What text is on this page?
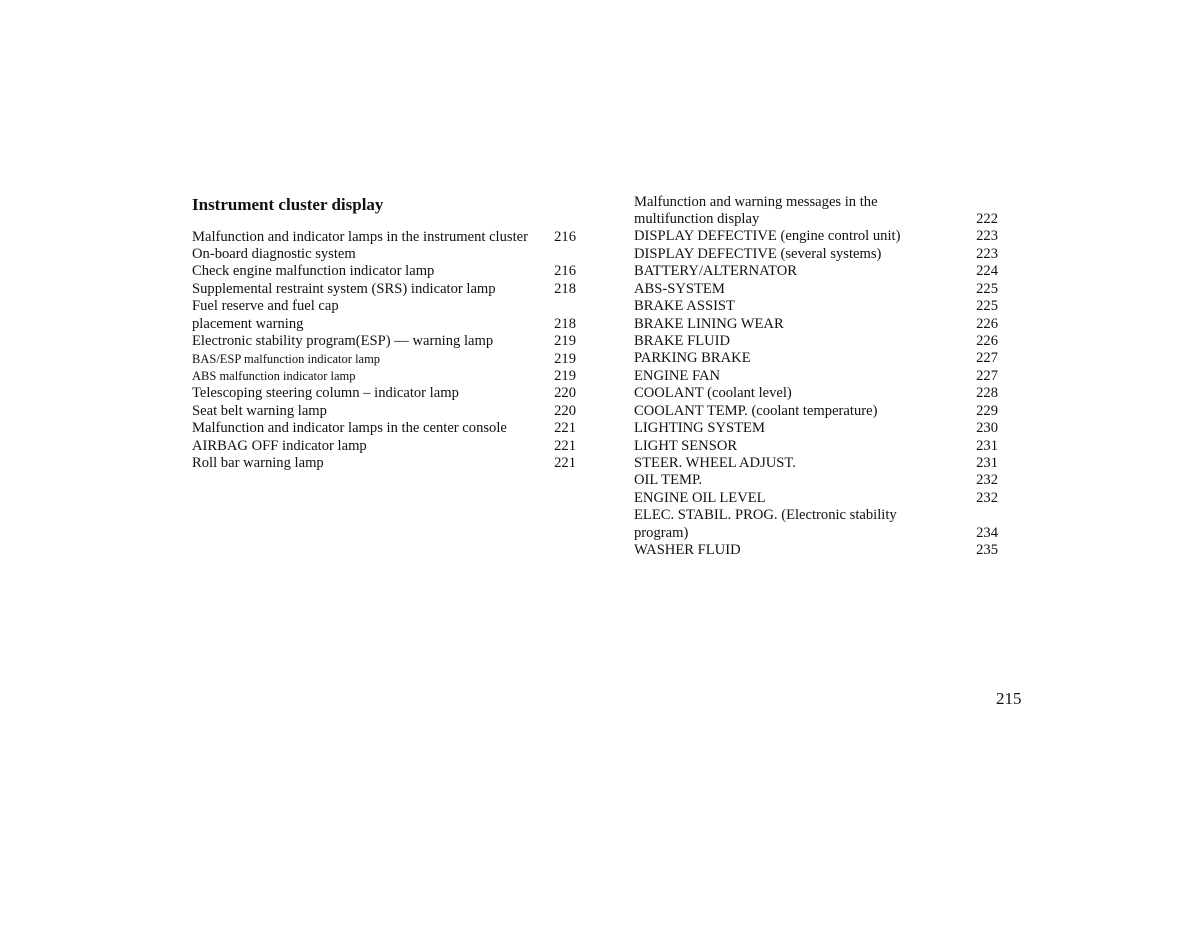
Instrument cluster display
Malfunction and indicator lamps in the instrument cluster 216
On-board diagnostic system
Check engine malfunction indicator lamp	216
Supplemental restraint system (SRS) indicator lamp	218
Fuel reserve and fuel cap
placement warning	218
Electronic stability program(ESP) — warning lamp	219
BAS/ESP malfunction indicator lamp	219
ABS malfunction indicator lamp	219
Telescoping steering column – indicator lamp	220
Seat belt warning lamp	220
Malfunction and indicator lamps in the center console	221
AIRBAG OFF indicator lamp	221
Roll bar warning lamp	221
Malfunction and warning messages in the
multifunction display	222
DISPLAY DEFECTIVE (engine control unit)	223
DISPLAY DEFECTIVE (several systems)	223
BATTERY/ALTERNATOR	224
ABS-SYSTEM	225
BRAKE ASSIST	225
BRAKE LINING WEAR	226
BRAKE FLUID	226
PARKING BRAKE	227
ENGINE FAN	227
COOLANT (coolant level)	228
COOLANT TEMP. (coolant temperature)	229
LIGHTING SYSTEM	230
LIGHT SENSOR	231
STEER. WHEEL ADJUST.	231
OIL TEMP.	232
ENGINE OIL LEVEL	232
ELEC. STABIL. PROG. (Electronic stability
program)	234
WASHER FLUID	235
215
